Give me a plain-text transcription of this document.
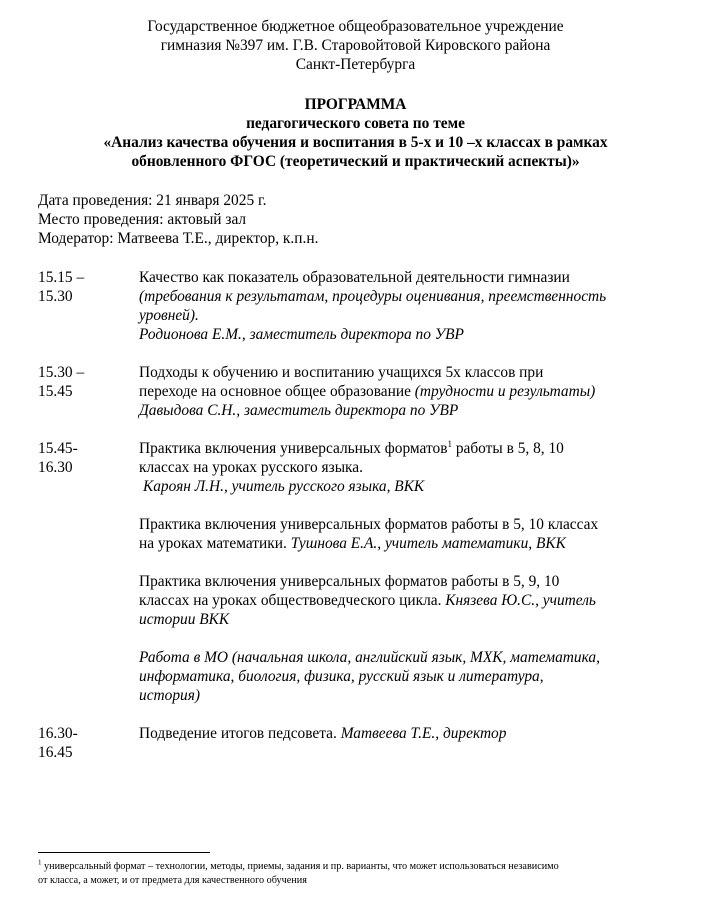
Государственное бюджетное общеобразовательное учреждение
гимназия №397 им. Г.В. Старовойтовой Кировского района
Санкт-Петербурга
ПРОГРАММА
педагогического совета по теме
«Анализ качества обучения и воспитания в 5-х и 10 –х классах в рамках
обновленного ФГОС (теоретический и практический аспекты)»
Дата проведения: 21 января 2025 г.
Место проведения: актовый зал
Модератор: Матвеева Т.Е., директор, к.п.н.
15.15 –
15.30
Качество как показатель образовательной деятельности гимназии
(требования к результатам, процедуры оценивания, преемственность
уровней).
Родионова Е.М., заместитель директора по УВР
15.30 –
15.45
Подходы к обучению и воспитанию учащихся 5х классов при
переходе на основное общее образование (трудности и результаты)
Давыдова С.Н., заместитель директора по УВР
15.45-
16.30
Практика включения универсальных форматов$^1$ работы в 5, 8, 10
классах на уроках русского языка.
Кароян Л.Н., учитель русского языка, ВКК
Практика включения универсальных форматов работы в 5, 10 классах
на уроках математики. Тушнова Е.А., учитель математики, ВКК
Практика включения универсальных форматов работы в 5, 9, 10
классах на уроках обществоведческого цикла. Князева Ю.С., учитель
истории ВКК
Работа в МО (начальная школа, английский язык, МХК, математика,
информатика, биология, физика, русский язык и литература,
история)
16.30-
16.45
Подведение итогов педсовета. Матвеева Т.Е., директор
$^1$ универсальный формат – технологии, методы, приемы, задания и пр. варианты, что может использоваться независимо
от класса, а может, и от предмета для качественного обучения
